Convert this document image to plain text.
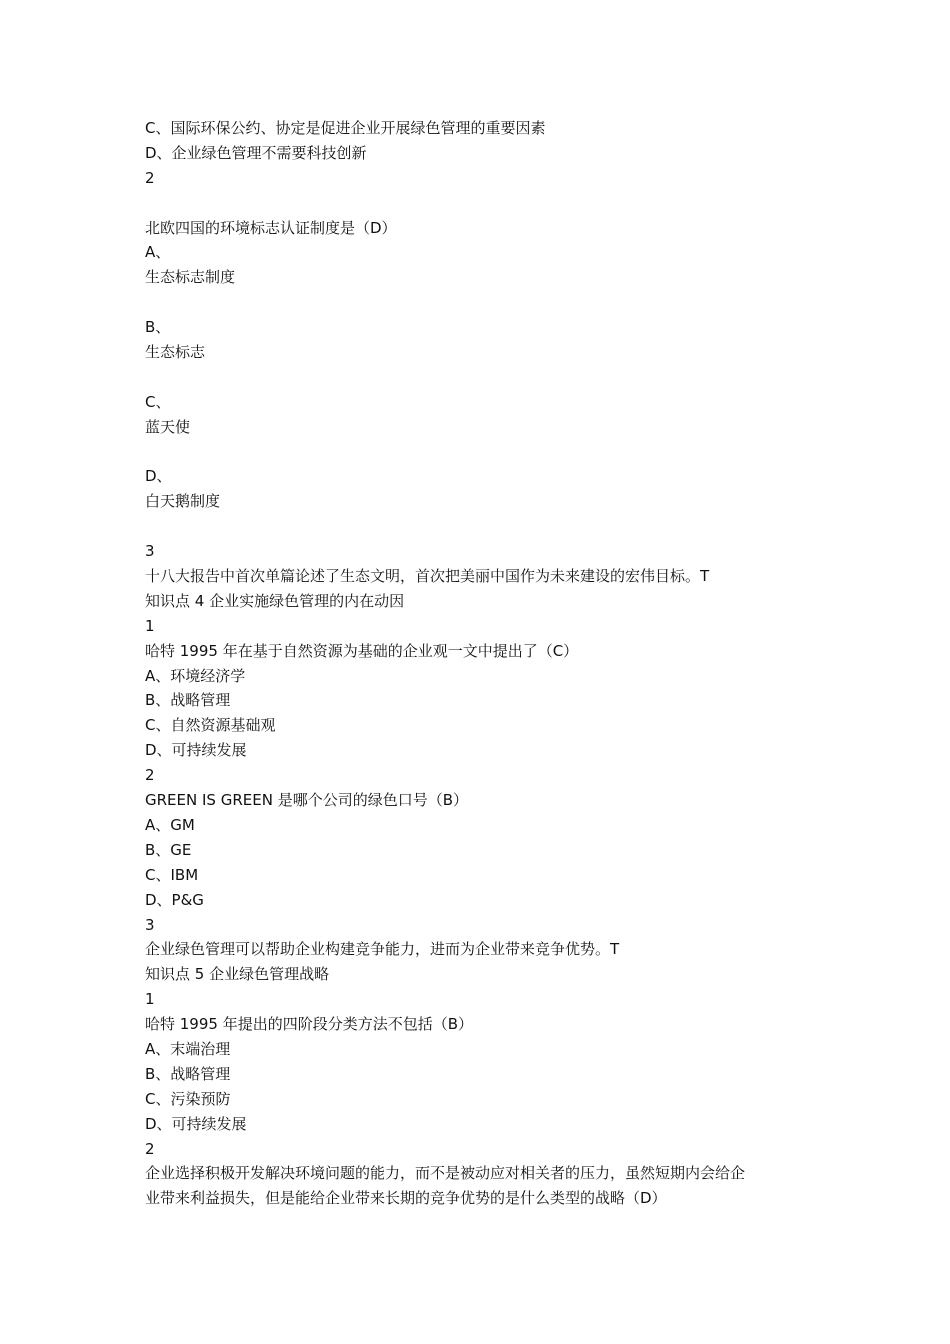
C、国际环保公约、协定是促进企业开展绿色管理的重要因素
D、企业绿色管理不需要科技创新
2
北欧四国的环境标志认证制度是（D）
A、
生态标志制度
B、
生态标志
C、
蓝天使
D、
白天鹅制度
3
十八大报告中首次单篇论述了生态文明，首次把美丽中国作为未来建设的宏伟目标。T
知识点 4 企业实施绿色管理的内在动因
1
哈特 1995 年在基于自然资源为基础的企业观一文中提出了（C）
A、环境经济学
B、战略管理
C、自然资源基础观
D、可持续发展
2
GREEN IS GREEN 是哪个公司的绿色口号（B）
A、GM
B、GE
C、IBM
D、P&G
3
企业绿色管理可以帮助企业构建竞争能力，进而为企业带来竞争优势。T
知识点 5 企业绿色管理战略
1
哈特 1995 年提出的四阶段分类方法不包括（B）
A、末端治理
B、战略管理
C、污染预防
D、可持续发展
2
企业选择积极开发解决环境问题的能力，而不是被动应对相关者的压力，虽然短期内会给企
业带来利益损失，但是能给企业带来长期的竞争优势的是什么类型的战略（D）
